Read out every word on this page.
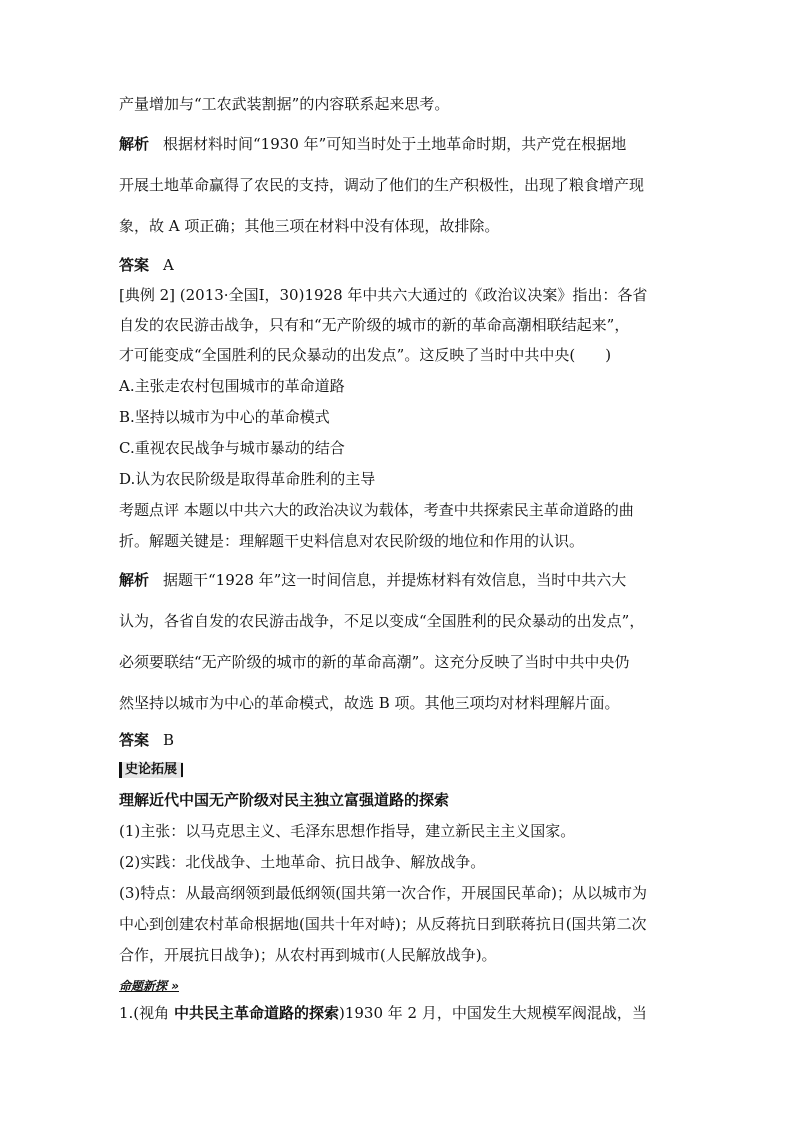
产量增加与“工农武装割据”的内容联系起来思考。
解析 根据材料时间“1930 年”可知当时处于土地革命时期，共产党在根据地
开展土地革命赢得了农民的支持，调动了他们的生产积极性，出现了粮食增产现
象，故 A 项正确；其他三项在材料中没有体现，故排除。
答案 A
[典例 2] (2013·全国Ⅰ，30)1928 年中共六大通过的《政治议决案》指出：各省
自发的农民游击战争，只有和“无产阶级的城市的新的革命高潮相联结起来”，
才可能变成“全国胜利的民众暴动的出发点”。这反映了当时中共中央(　　)
A.主张走农村包围城市的革命道路
B.坚持以城市为中心的革命模式
C.重视农民战争与城市暴动的结合
D.认为农民阶级是取得革命胜利的主导
考题点评 本题以中共六大的政治决议为载体，考查中共探索民主革命道路的曲
折。解题关键是：理解题干史料信息对农民阶级的地位和作用的认识。
解析 据题干“1928 年”这一时间信息，并提炼材料有效信息，当时中共六大
认为，各省自发的农民游击战争，不足以变成“全国胜利的民众暴动的出发点”，
必须要联结“无产阶级的城市的新的革命高潮”。这充分反映了当时中共中央仍
然坚持以城市为中心的革命模式，故选 B 项。其他三项均对材料理解片面。
答案 B
史论拓展
理解近代中国无产阶级对民主独立富强道路的探索
(1)主张：以马克思主义、毛泽东思想作指导，建立新民主主义国家。
(2)实践：北伐战争、土地革命、抗日战争、解放战争。
(3)特点：从最高纲领到最低纲领(国共第一次合作，开展国民革命)；从以城市为
中心到创建农村革命根据地(国共十年对峙)；从反蒋抗日到联蒋抗日(国共第二次
合作，开展抗日战争)；从农村再到城市(人民解放战争)。
命题新探 »
1.(视角 中共民主革命道路的探索)1930 年 2 月，中国发生大规模军阀混战，当
